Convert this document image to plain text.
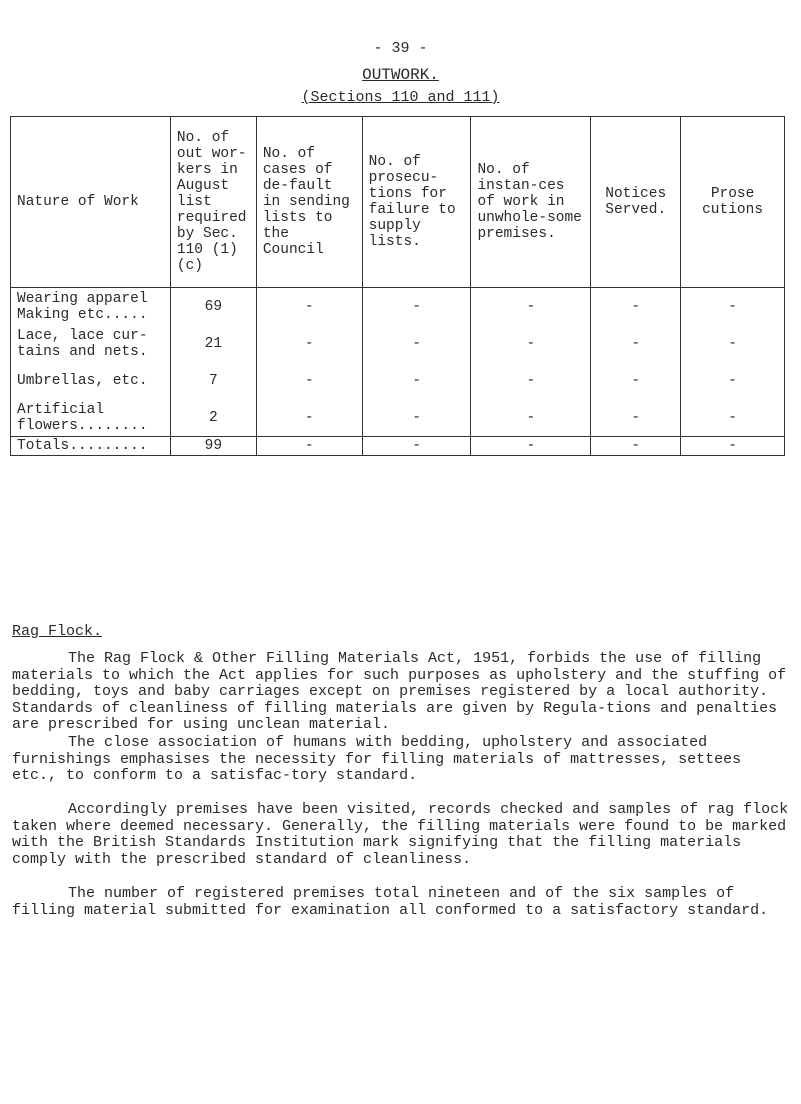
- 39 -
OUTWORK.
(Sections 110 and 111)
Nature of Work	No. of out wor-kers in August list required by Sec. 110 (1) (c)	No. of cases of de-fault in sending lists to the Council	No. of prosecu-tions for failure to supply lists.	No. of instan-ces of work in unwhole-some premises.	Notices Served.	Prose cutions
Wearing apparel Making etc.....	69	-	-	-	-	-
Lace, lace cur-tains and nets.	21	-	-	-	-	-
Umbrellas, etc.	7	-	-	-	-	-
Artificial flowers........	2	-	-	-	-	-
Totals.........	99	-	-	-	-	-
Rag Flock.

The Rag Flock & Other Filling Materials Act, 1951, forbids the use of filling materials to which the Act applies for such purposes as upholstery and the stuffing of bedding, toys and baby carriages except on premises registered by a local authority. Standards of cleanliness of filling materials are given by Regula-tions and penalties are prescribed for using unclean material.

The close association of humans with bedding, upholstery and associated furnishings emphasises the necessity for filling materials of mattresses, settees etc., to conform to a satisfac-tory standard.

Accordingly premises have been visited, records checked and samples of rag flock taken where deemed necessary. Generally, the filling materials were found to be marked with the British Standards Institution mark signifying that the filling materials comply with the prescribed standard of cleanliness.

The number of registered premises total nineteen and of the six samples of filling material submitted for examination all conformed to a satisfactory standard.
